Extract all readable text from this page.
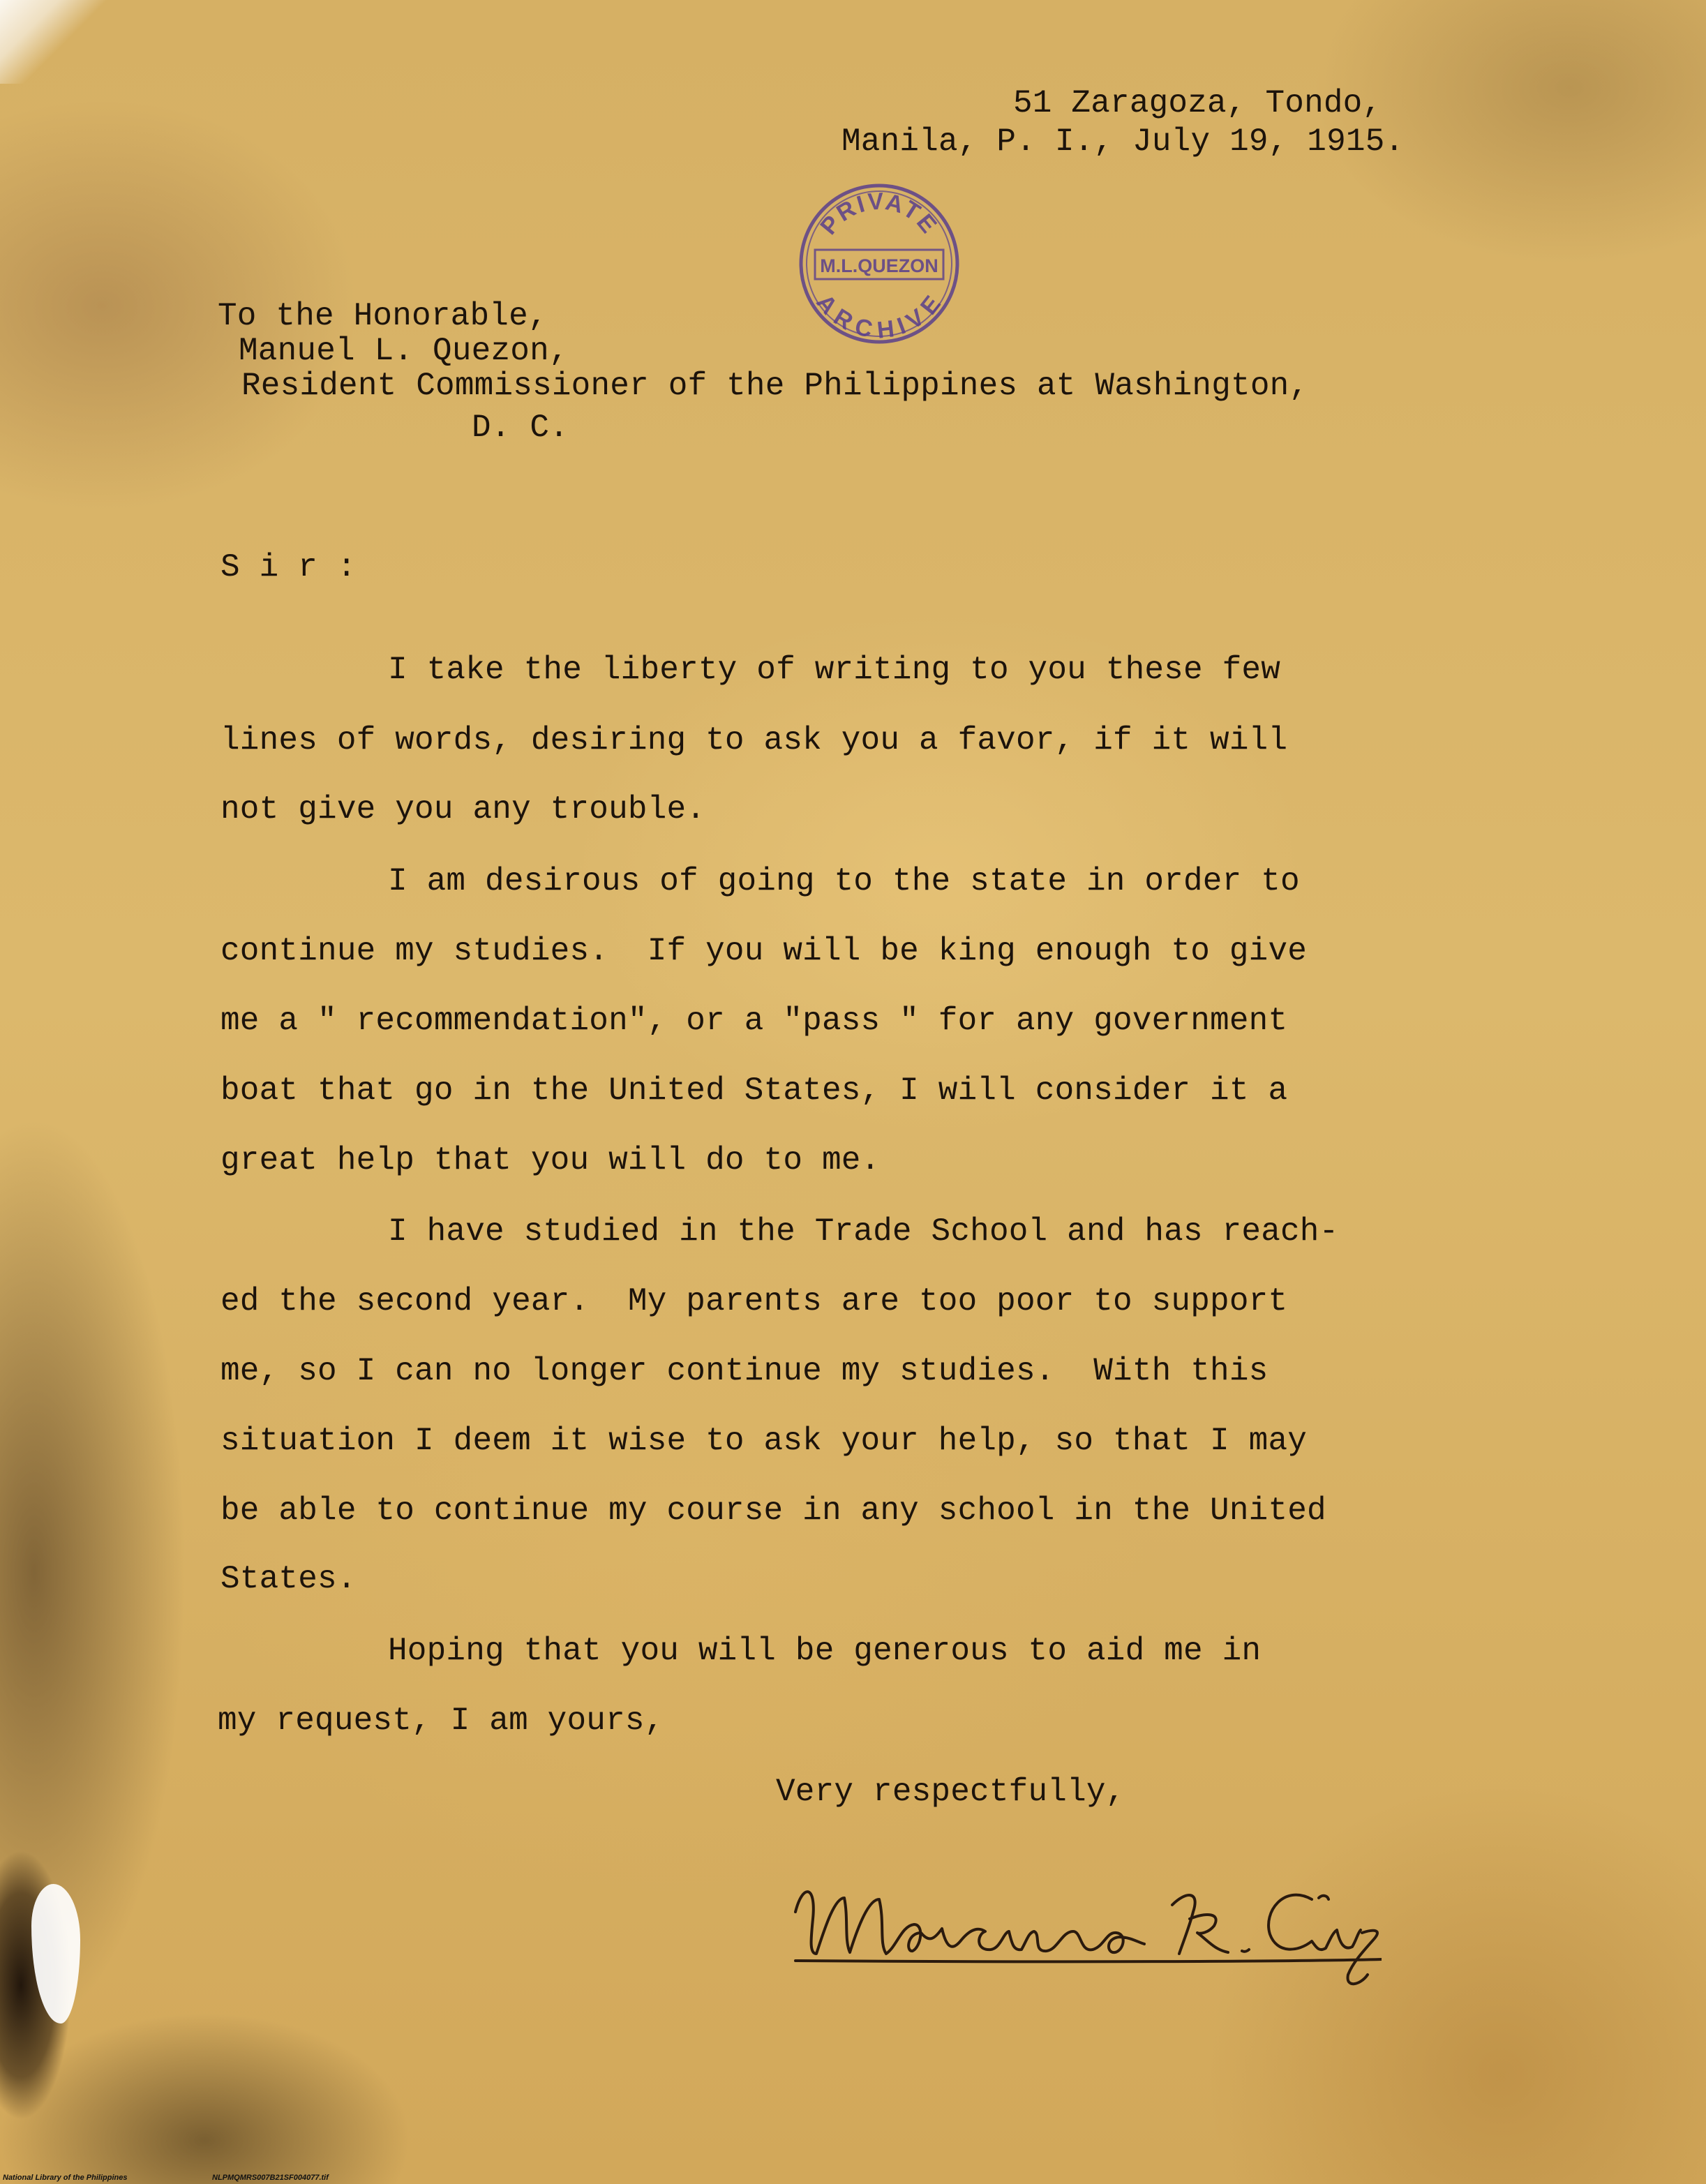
51 Zaragoza, Tondo,
Manila, P. I., July 19, 1915.
PRIVATE
M.L.QUEZON
ARCHIVE
To the Honorable,
Manuel L. Quezon,
Resident Commissioner of the Philippines at Washington,
D. C.
S i r :
I take the liberty of writing to you these few
lines of words, desiring to ask you a favor, if it will
not give you any trouble.
I am desirous of going to the state in order to
continue my studies.  If you will be king enough to give
me a " recommendation", or a "pass " for any government
boat that go in the United States, I will consider it a
great help that you will do to me.
I have studied in the Trade School and has reach-
ed the second year.  My parents are too poor to support
me, so I can no longer continue my studies.  With this
situation I deem it wise to ask your help, so that I may
be able to continue my course in any school in the United
States.
Hoping that you will be generous to aid me in
my request, I am yours,
Very respectfully,
National Library of the Philippines	NLPMQMRS007B21SF004077.tif
